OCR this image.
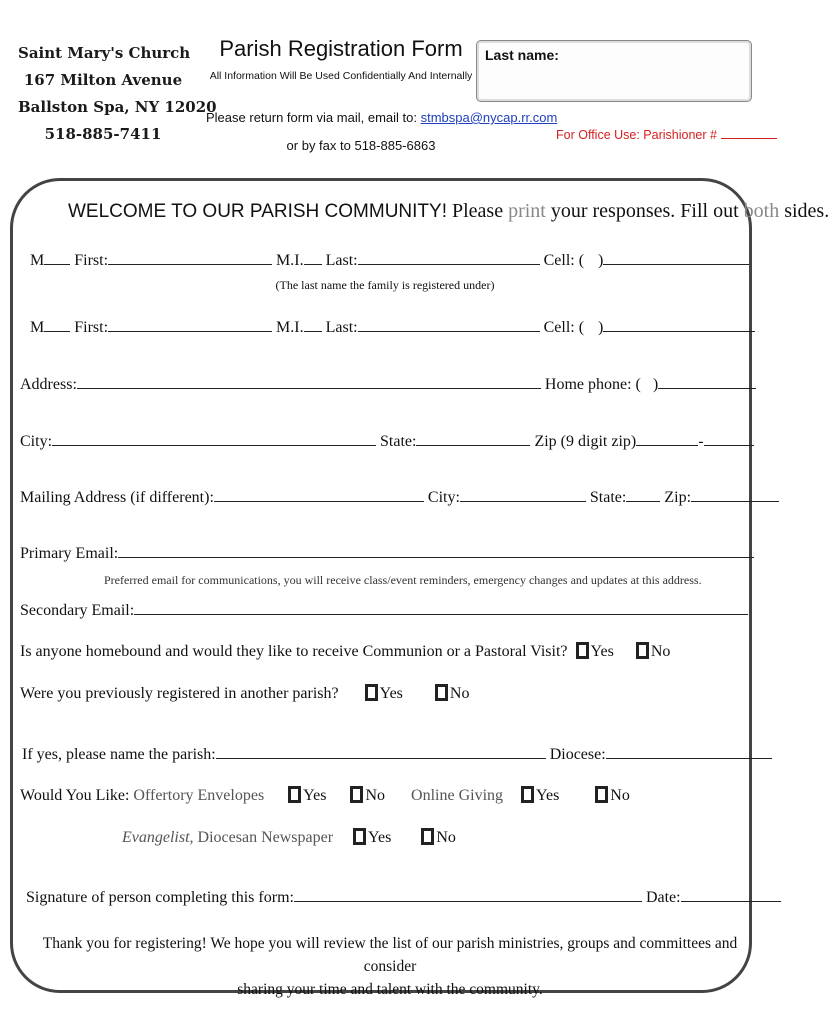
Saint Mary's Church
167 Milton Avenue
Ballston Spa, NY 12020
518-885-7411
Parish Registration Form
All Information Will Be Used Confidentially And Internally
Please return form via mail, email to: stmbspa@nycap.rr.com
or by fax to 518-885-6863
Last name:
For Office Use: Parishioner #
WELCOME TO OUR PARISH COMMUNITY! Please print your responses. Fill out both sides.
M First:	M.I. Last:	Cell: ( )
(The last name the family is registered under)
M First:	M.I. Last:	Cell: ( )
Address:	Home phone: ( )
City:	State:	Zip (9 digit zip)	-
Mailing Address (if different):	City:	State: Zip:
Primary Email:
Preferred email for communications, you will receive class/event reminders, emergency changes and updates at this address.
Secondary Email:
Is anyone homebound and would they like to receive Communion or a Pastoral Visit? Yes No
Were you previously registered in another parish?	Yes	No
If yes, please name the parish:	Diocese:
Would You Like: Offertory Envelopes Yes No Online Giving Yes	No
Evangelist, Diocesan Newspaper Yes	No
Signature of person completing this form:	Date:
Thank you for registering! We hope you will review the list of our parish ministries, groups and committees and consider
sharing your time and talent with the community.
